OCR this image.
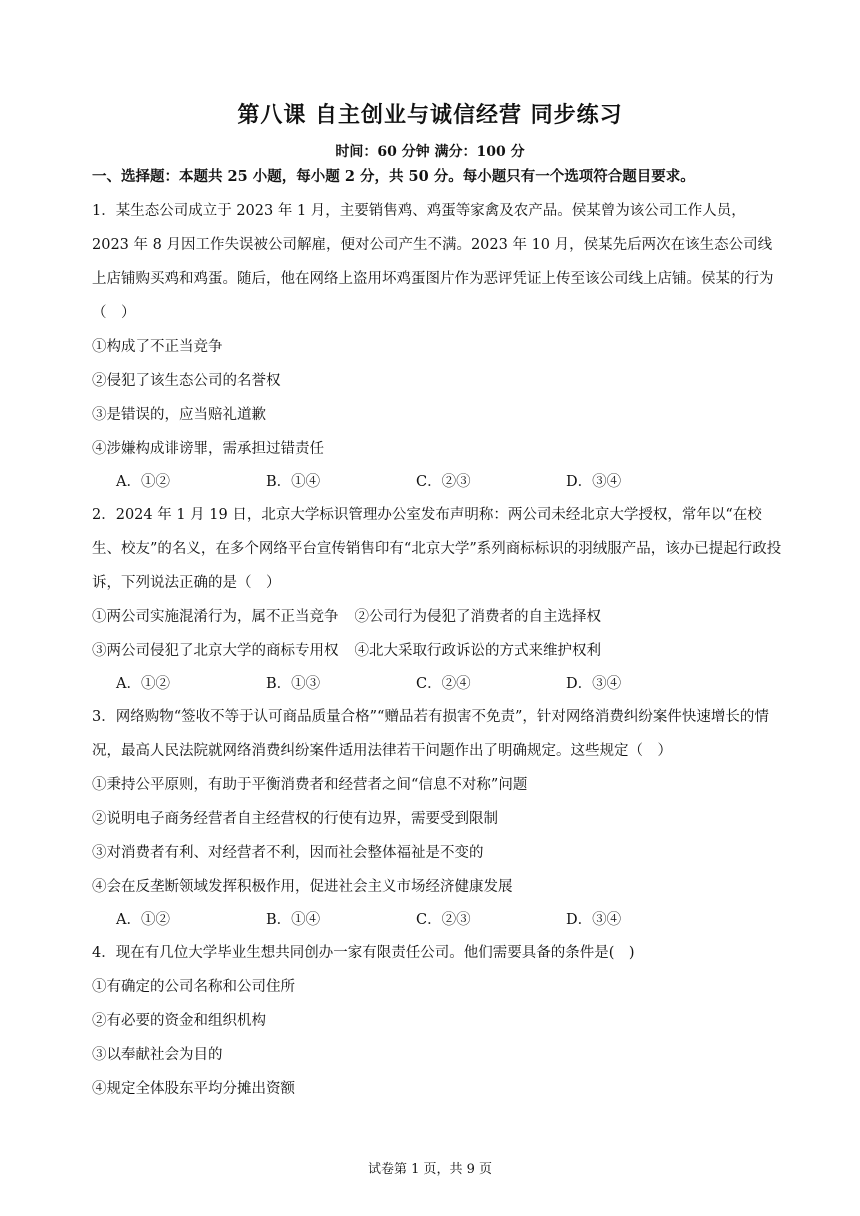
第八课 自主创业与诚信经营 同步练习
时间：60 分钟 满分：100 分
一、选择题：本题共 25 小题，每小题 2 分，共 50 分。每小题只有一个选项符合题目要求。

1．某生态公司成立于 2023 年 1 月，主要销售鸡、鸡蛋等家禽及农产品。侯某曾为该公司工作人员，2023 年 8 月因工作失误被公司解雇，便对公司产生不满。2023 年 10 月，侯某先后两次在该生态公司线上店铺购买鸡和鸡蛋。随后，他在网络上盗用坏鸡蛋图片作为恶评凭证上传至该公司线上店铺。侯某的行为（　）

①构成了不正当竞争

②侵犯了该生态公司的名誉权

③是错误的，应当赔礼道歉

④涉嫌构成诽谤罪，需承担过错责任

A．①②	B．①④	C．②③	D．③④

2．2024 年 1 月 19 日，北京大学标识管理办公室发布声明称：两公司未经北京大学授权，常年以“在校生、校友”的名义，在多个网络平台宣传销售印有“北京大学”系列商标标识的羽绒服产品，该办已提起行政投诉，下列说法正确的是（　）

①两公司实施混淆行为，属不正当竞争 ②公司行为侵犯了消费者的自主选择权
③两公司侵犯了北京大学的商标专用权 ④北大采取行政诉讼的方式来维护权利
A．①②	B．①③	C．②④	D．③④

3．网络购物“签收不等于认可商品质量合格”“赠品若有损害不免责”，针对网络消费纠纷案件快速增长的情况，最高人民法院就网络消费纠纷案件适用法律若干问题作出了明确规定。这些规定（　）

①秉持公平原则，有助于平衡消费者和经营者之间“信息不对称”问题

②说明电子商务经营者自主经营权的行使有边界，需要受到限制

③对消费者有利、对经营者不利，因而社会整体福祉是不变的

④会在反垄断领域发挥积极作用，促进社会主义市场经济健康发展

A．①②	B．①④	C．②③	D．③④

4．现在有几位大学毕业生想共同创办一家有限责任公司。他们需要具备的条件是(　)

①有确定的公司名称和公司住所

②有必要的资金和组织机构

③以奉献社会为目的

④规定全体股东平均分摊出资额

试卷第 1 页，共 9 页
